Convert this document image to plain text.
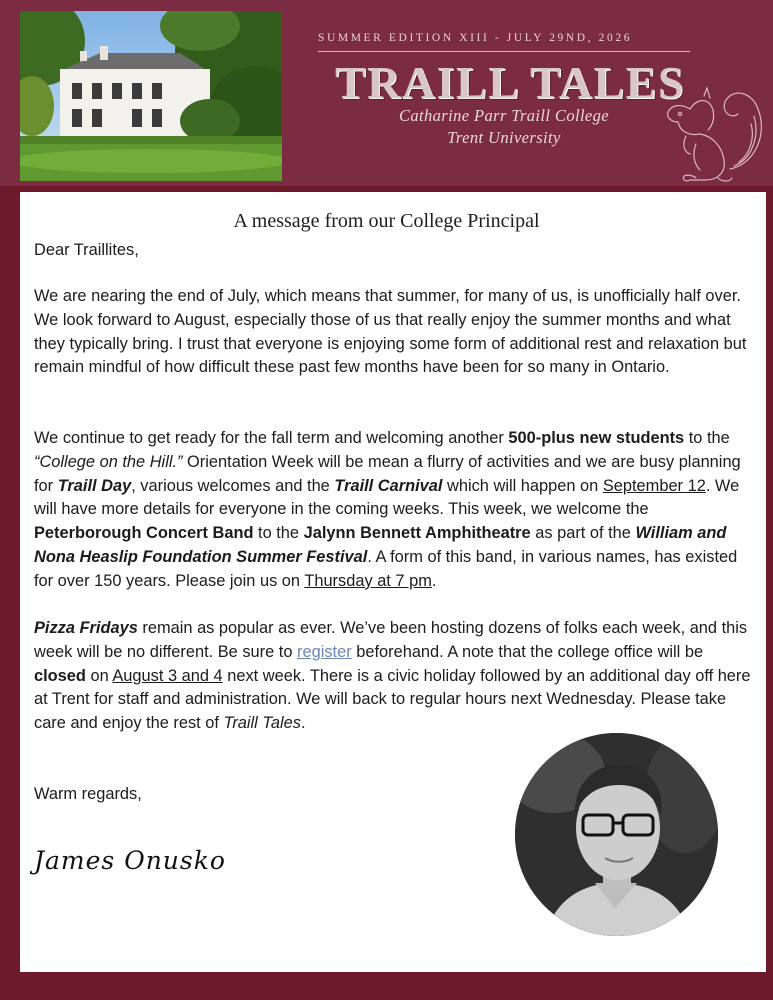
SUMMER EDITION XIII - JULY 29ND, 2026
TRAILL TALES
Catharine Parr Traill College
Trent University
A message from our College Principal
Dear Traillites,
We are nearing the end of July, which means that summer, for many of us, is unofficially half over. We look forward to August, especially those of us that really enjoy the summer months and what they typically bring. I trust that everyone is enjoying some form of additional rest and relaxation but remain mindful of how difficult these past few months have been for so many in Ontario.
We continue to get ready for the fall term and welcoming another 500-plus new students to the “College on the Hill.” Orientation Week will be mean a flurry of activities and we are busy planning for Traill Day, various welcomes and the Traill Carnival which will happen on September 12. We will have more details for everyone in the coming weeks. This week, we welcome the Peterborough Concert Band to the Jalynn Bennett Amphitheatre as part of the William and Nona Heaslip Foundation Summer Festival. A form of this band, in various names, has existed for over 150 years. Please join us on Thursday at 7 pm.
Pizza Fridays remain as popular as ever. We’ve been hosting dozens of folks each week, and this week will be no different. Be sure to register beforehand. A note that the college office will be closed on August 3 and 4 next week. There is a civic holiday followed by an additional day off here at Trent for staff and administration. We will back to regular hours next Wednesday. Please take care and enjoy the rest of Traill Tales.
Warm regards,
James Onusko
